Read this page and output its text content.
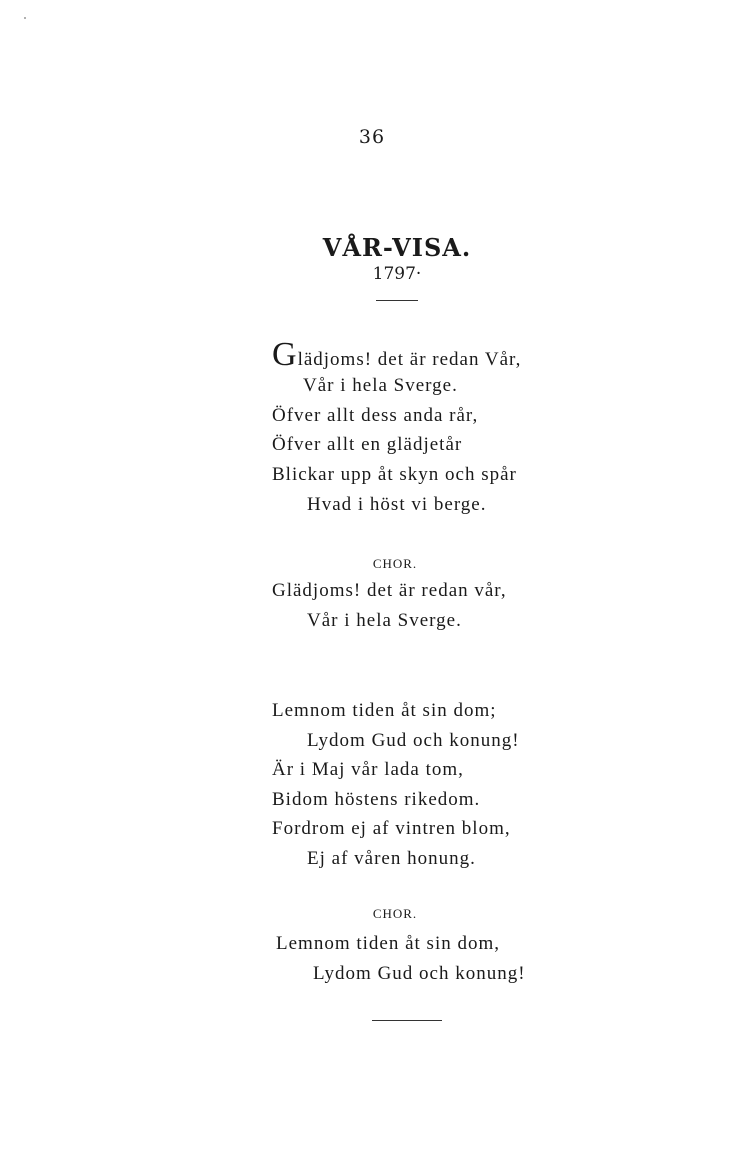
36
VÅR-VISA.
1797·
Glädjoms! det är redan Vår,
Vår i hela Sverge.
Öfver allt dess anda rår,
Öfver allt en glädjetår
Blickar upp åt skyn och spår
Hvad i höst vi berge.
CHOR.
Glädjoms! det är redan vår,
Vår i hela Sverge.
Lemnom tiden åt sin dom;
Lydom Gud och konung!
Är i Maj vår lada tom,
Bidom höstens rikedom.
Fordrom ej af vintren blom,
Ej af våren honung.
CHOR.
Lemnom tiden åt sin dom,
Lydom Gud och konung!
